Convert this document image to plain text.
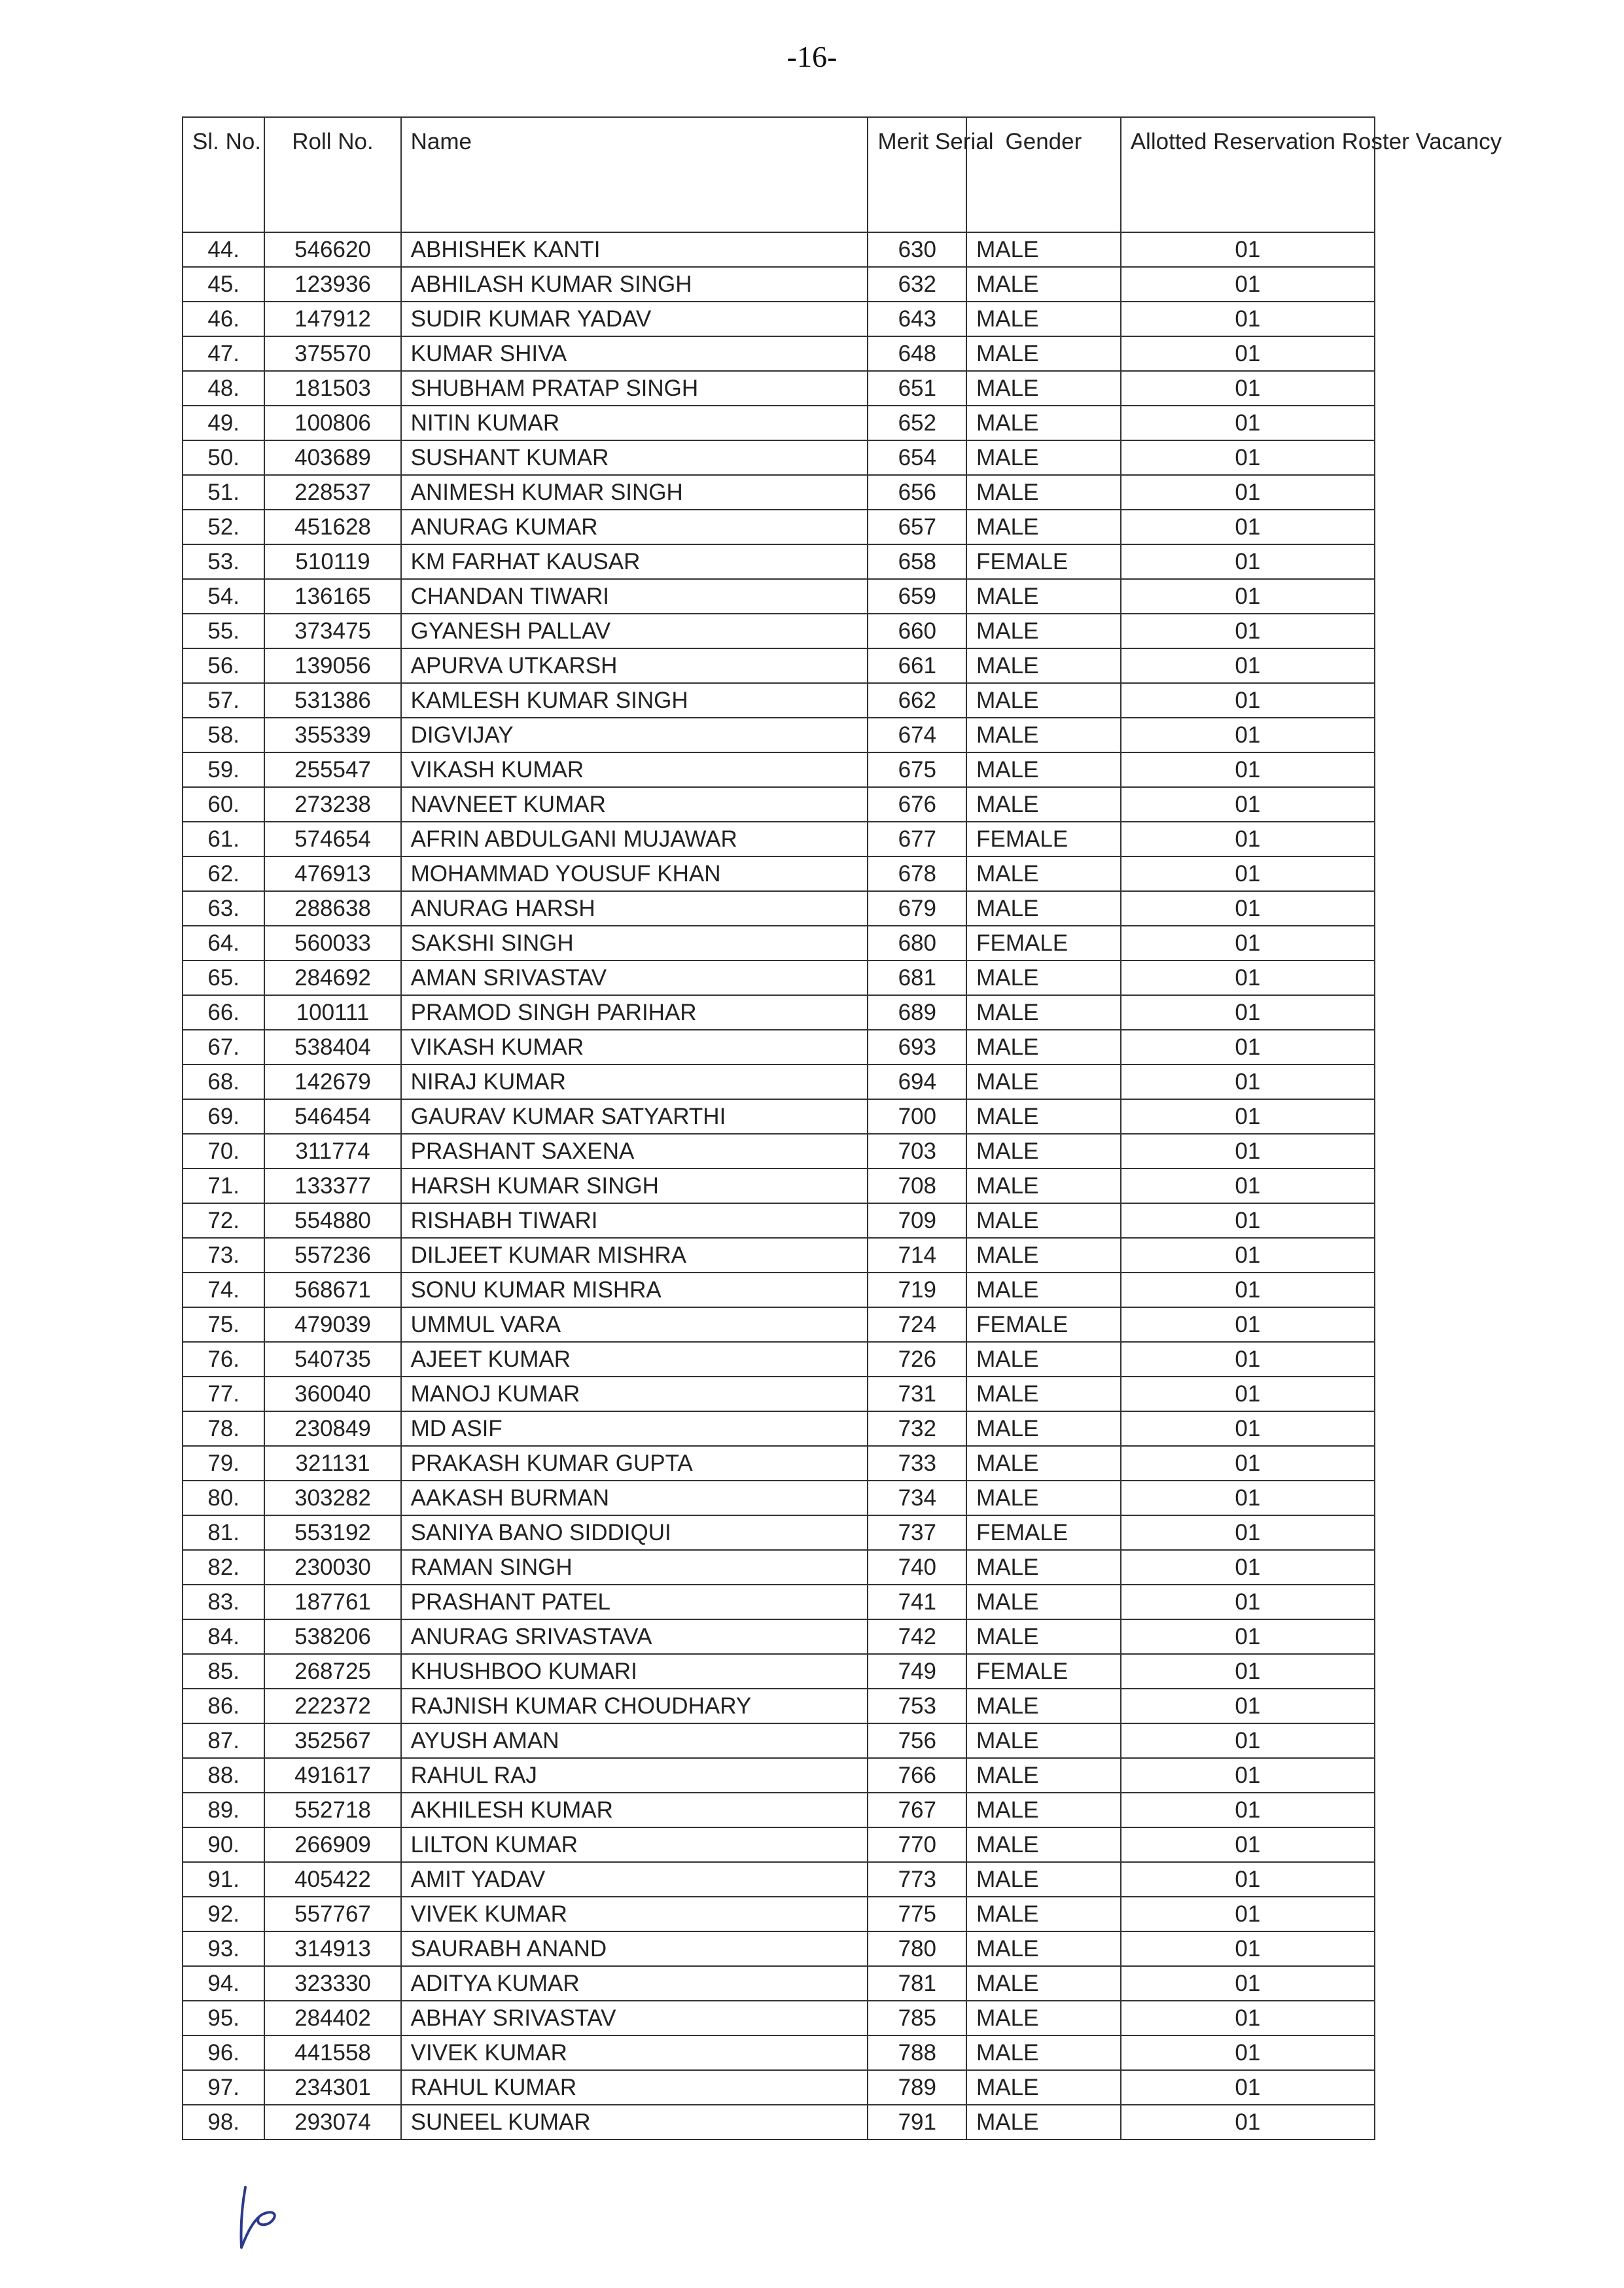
-16-
Sl. No.	Roll No.	Name	Merit Serial	Gender	Allotted Reservation Roster Vacancy
44.	546620	ABHISHEK KANTI	630	MALE	01
45.	123936	ABHILASH KUMAR SINGH	632	MALE	01
46.	147912	SUDIR KUMAR YADAV	643	MALE	01
47.	375570	KUMAR SHIVA	648	MALE	01
48.	181503	SHUBHAM PRATAP SINGH	651	MALE	01
49.	100806	NITIN KUMAR	652	MALE	01
50.	403689	SUSHANT KUMAR	654	MALE	01
51.	228537	ANIMESH KUMAR SINGH	656	MALE	01
52.	451628	ANURAG KUMAR	657	MALE	01
53.	510119	KM FARHAT KAUSAR	658	FEMALE	01
54.	136165	CHANDAN TIWARI	659	MALE	01
55.	373475	GYANESH PALLAV	660	MALE	01
56.	139056	APURVA UTKARSH	661	MALE	01
57.	531386	KAMLESH KUMAR SINGH	662	MALE	01
58.	355339	DIGVIJAY	674	MALE	01
59.	255547	VIKASH KUMAR	675	MALE	01
60.	273238	NAVNEET KUMAR	676	MALE	01
61.	574654	AFRIN ABDULGANI MUJAWAR	677	FEMALE	01
62.	476913	MOHAMMAD YOUSUF KHAN	678	MALE	01
63.	288638	ANURAG HARSH	679	MALE	01
64.	560033	SAKSHI SINGH	680	FEMALE	01
65.	284692	AMAN SRIVASTAV	681	MALE	01
66.	100111	PRAMOD SINGH PARIHAR	689	MALE	01
67.	538404	VIKASH KUMAR	693	MALE	01
68.	142679	NIRAJ KUMAR	694	MALE	01
69.	546454	GAURAV KUMAR SATYARTHI	700	MALE	01
70.	311774	PRASHANT SAXENA	703	MALE	01
71.	133377	HARSH KUMAR SINGH	708	MALE	01
72.	554880	RISHABH TIWARI	709	MALE	01
73.	557236	DILJEET KUMAR MISHRA	714	MALE	01
74.	568671	SONU KUMAR MISHRA	719	MALE	01
75.	479039	UMMUL VARA	724	FEMALE	01
76.	540735	AJEET KUMAR	726	MALE	01
77.	360040	MANOJ KUMAR	731	MALE	01
78.	230849	MD ASIF	732	MALE	01
79.	321131	PRAKASH KUMAR GUPTA	733	MALE	01
80.	303282	AAKASH BURMAN	734	MALE	01
81.	553192	SANIYA BANO SIDDIQUI	737	FEMALE	01
82.	230030	RAMAN SINGH	740	MALE	01
83.	187761	PRASHANT PATEL	741	MALE	01
84.	538206	ANURAG SRIVASTAVA	742	MALE	01
85.	268725	KHUSHBOO KUMARI	749	FEMALE	01
86.	222372	RAJNISH KUMAR CHOUDHARY	753	MALE	01
87.	352567	AYUSH AMAN	756	MALE	01
88.	491617	RAHUL RAJ	766	MALE	01
89.	552718	AKHILESH KUMAR	767	MALE	01
90.	266909	LILTON KUMAR	770	MALE	01
91.	405422	AMIT YADAV	773	MALE	01
92.	557767	VIVEK KUMAR	775	MALE	01
93.	314913	SAURABH ANAND	780	MALE	01
94.	323330	ADITYA KUMAR	781	MALE	01
95.	284402	ABHAY SRIVASTAV	785	MALE	01
96.	441558	VIVEK KUMAR	788	MALE	01
97.	234301	RAHUL KUMAR	789	MALE	01
98.	293074	SUNEEL KUMAR	791	MALE	01
